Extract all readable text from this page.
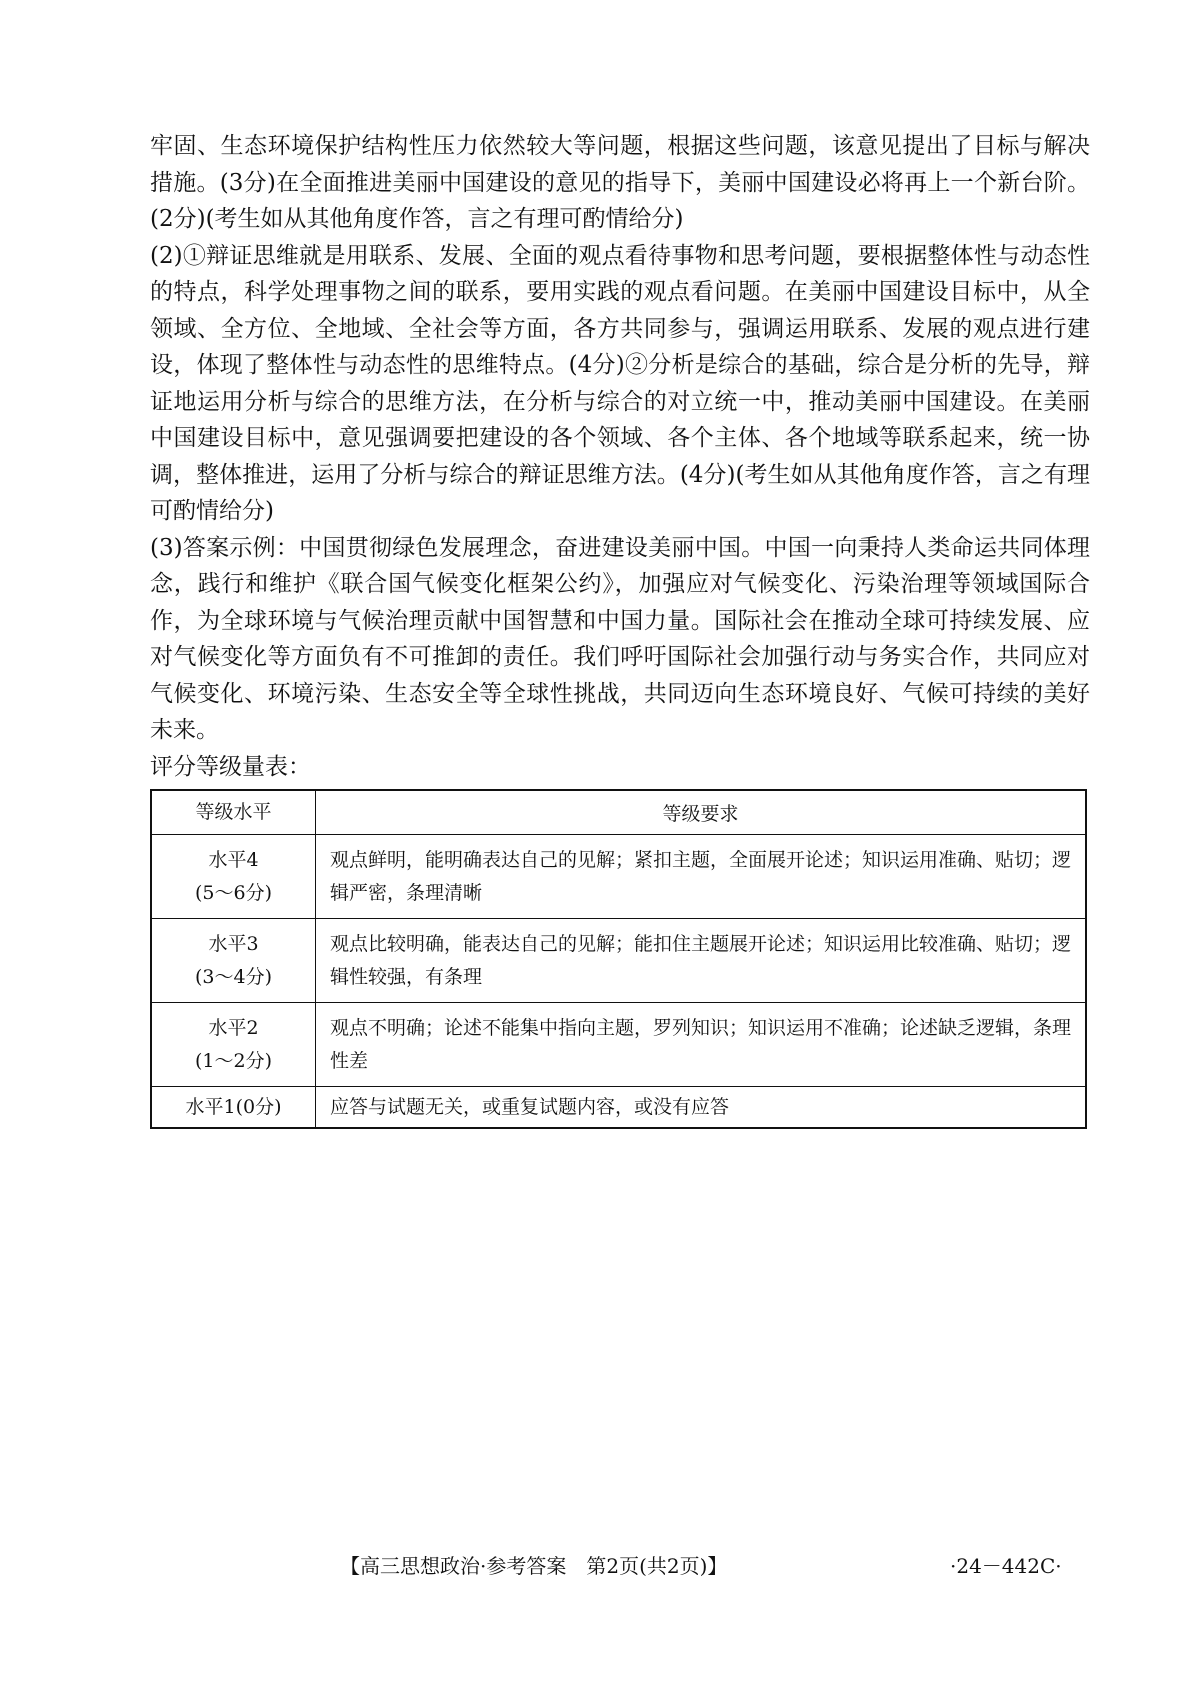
牢固、生态环境保护结构性压力依然较大等问题，根据这些问题，该意见提出了目标与解决措施。(3分)在全面推进美丽中国建设的意见的指导下，美丽中国建设必将再上一个新台阶。(2分)(考生如从其他角度作答，言之有理可酌情给分)

(2)①辩证思维就是用联系、发展、全面的观点看待事物和思考问题，要根据整体性与动态性的特点，科学处理事物之间的联系，要用实践的观点看问题。在美丽中国建设目标中，从全领域、全方位、全地域、全社会等方面，各方共同参与，强调运用联系、发展的观点进行建设，体现了整体性与动态性的思维特点。(4分)②分析是综合的基础，综合是分析的先导，辩证地运用分析与综合的思维方法，在分析与综合的对立统一中，推动美丽中国建设。在美丽中国建设目标中，意见强调要把建设的各个领域、各个主体、各个地域等联系起来，统一协调，整体推进，运用了分析与综合的辩证思维方法。(4分)(考生如从其他角度作答，言之有理可酌情给分)

(3)答案示例：中国贯彻绿色发展理念，奋进建设美丽中国。中国一向秉持人类命运共同体理念，践行和维护《联合国气候变化框架公约》，加强应对气候变化、污染治理等领域国际合作，为全球环境与气候治理贡献中国智慧和中国力量。国际社会在推动全球可持续发展、应对气候变化等方面负有不可推卸的责任。我们呼吁国际社会加强行动与务实合作，共同应对气候变化、环境污染、生态安全等全球性挑战，共同迈向生态环境良好、气候可持续的美好未来。

评分等级量表：

等级水平	等级要求

水平4
(5～6分)	观点鲜明，能明确表达自己的见解；紧扣主题，全面展开论述；知识运用准确、贴切；逻辑严密，条理清晰

水平3
(3～4分)	观点比较明确，能表达自己的见解；能扣住主题展开论述；知识运用比较准确、贴切；逻辑性较强，有条理

水平2
(1～2分)	观点不明确；论述不能集中指向主题，罗列知识；知识运用不准确；论述缺乏逻辑，条理性差

水平1(0分)	应答与试题无关，或重复试题内容，或没有应答
【高三思想政治·参考答案　第2页(共2页)】	·24－442C·
